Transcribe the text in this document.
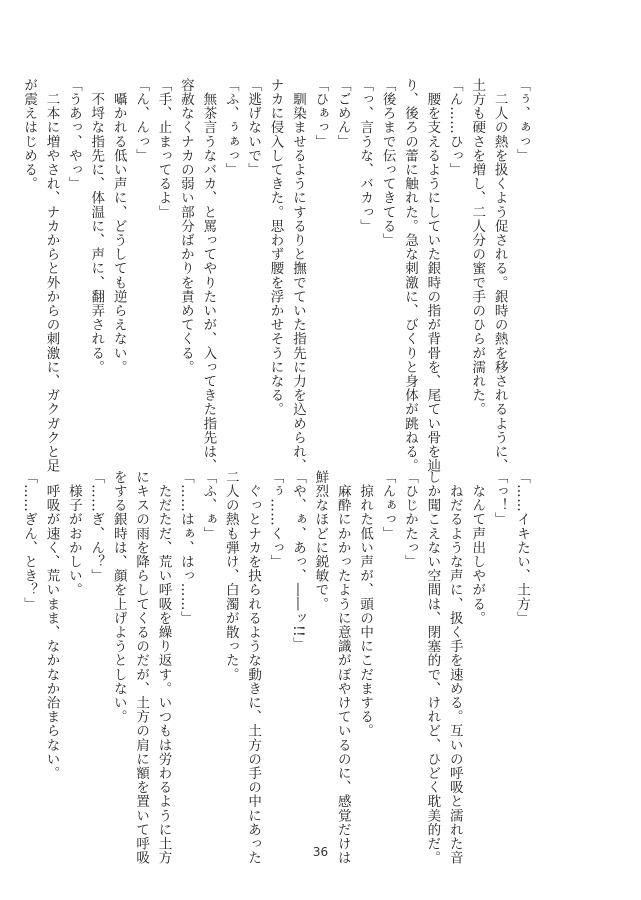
「ぅ、ぁっ」
　二人の熱を扱くよう促される。銀時の熱を移されるように、
土方も硬さを増し、二人分の蜜で手のひらが濡れた。
「ん……ひっ」
　腰を支えるようにしていた銀時の指が背骨を、尾てい骨を辿
り、後ろの蕾に触れた。急な刺激に、びくりと身体が跳ねる。
「後ろまで伝ってきてる」
「っ、言うな、バカっ」
「ごめん」
「ひぁっ」
　馴染ませるようにするりと撫でていた指先に力を込められ、
ナカに侵入してきた。思わず腰を浮かせそうになる。
「逃げないで」
「ふ、ぅぁっ」
　無茶言うなバカ、と罵ってやりたいが、入ってきた指先は、
容赦なくナカの弱い部分ばかりを責めてくる。
「手、止まってるよ」
「ん、んっ」
　囁かれる低い声に、どうしても逆らえない。
　不埒な指先に、体温に、声に、翻弄される。
「うあっ、やっ」
　二本に増やされ、ナカからと外からの刺激に、ガクガクと足
が震えはじめる。
「……イキたい、土方」
「っ！」
　なんて声出しやがる。
　ねだるような声に、扱く手を速める。互いの呼吸と濡れた音
しか聞こえない空間は、閉塞的で、けれど、ひどく耽美的だ。
「ひじかたっ」
「んぁっ」
　掠れた低い声が、頭の中にこだまする。
　麻酔にかかったように意識がぼやけているのに、感覚だけは
鮮烈なほどに鋭敏で。
「や、ぁ、あっ、――ッ!!」
「ぅ……くっ」
　ぐっとナカを抉られるような動きに、土方の手の中にあった
二人の熱も弾け、白濁が散った。
「ふ、ぁ」
「……はぁ、はっ……」
　ただただ、荒い呼吸を繰り返す。いつもは労わるように土方
にキスの雨を降らしてくるのだが、土方の肩に額を置いて呼吸
をする銀時は、顔を上げようとしない。
「……ぎ、ん？」
　様子がおかしい。
　呼吸が速く、荒いまま、なかなか治まらない。
「……ぎん、とき？」
36
